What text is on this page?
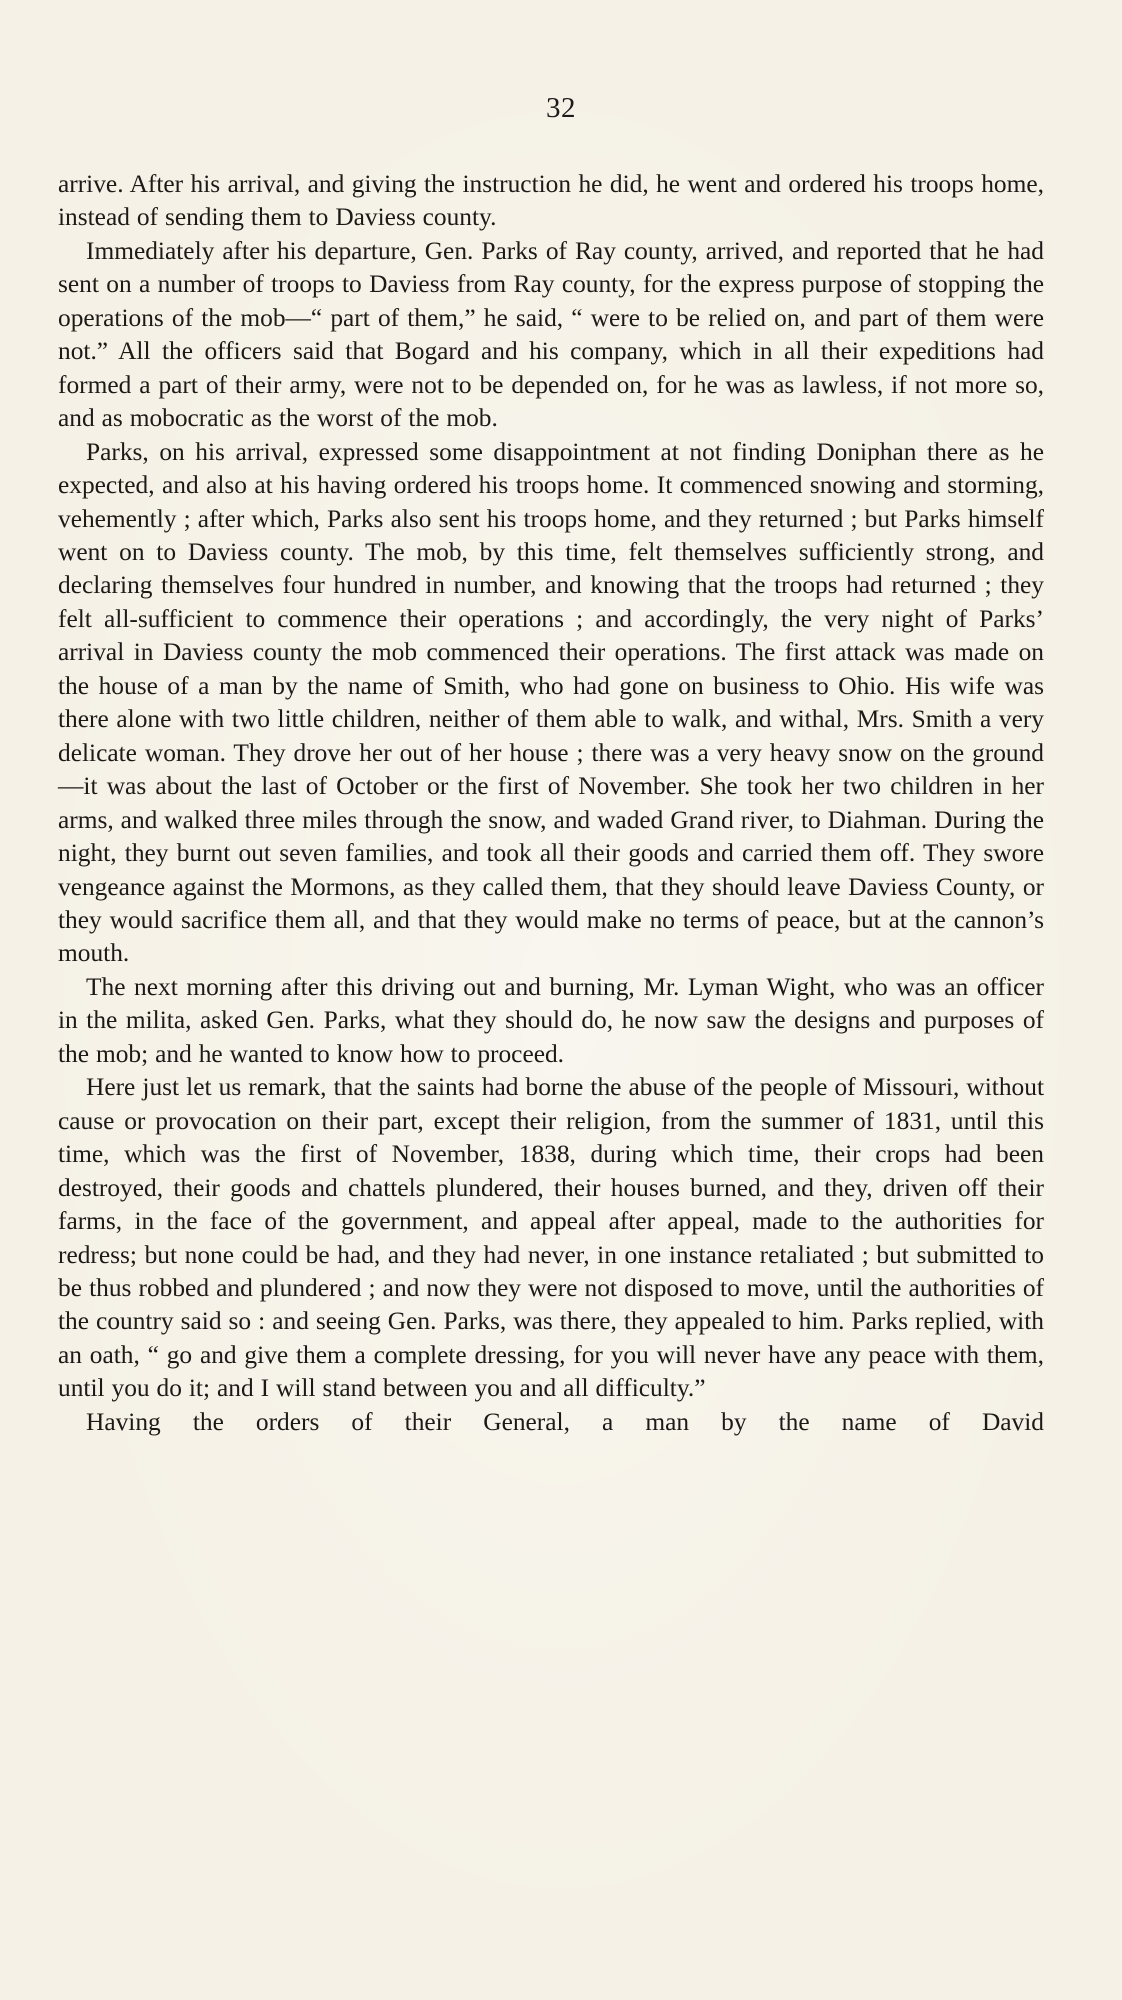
32

arrive. After his arrival, and giving the instruction he did, he went and ordered his troops home, instead of sending them to Daviess county.

Immediately after his departure, Gen. Parks of Ray county, arrived, and reported that he had sent on a number of troops to Daviess from Ray county, for the express purpose of stopping the operations of the mob—“ part of them,” he said, “ were to be relied on, and part of them were not.” All the officers said that Bogard and his company, which in all their expeditions had formed a part of their army, were not to be depended on, for he was as lawless, if not more so, and as mobocratic as the worst of the mob.

Parks, on his arrival, expressed some disappointment at not finding Doniphan there as he expected, and also at his having ordered his troops home. It commenced snowing and storming, vehemently ; after which, Parks also sent his troops home, and they returned ; but Parks himself went on to Daviess county. The mob, by this time, felt themselves sufficiently strong, and declaring themselves four hundred in number, and knowing that the troops had returned ; they felt all-sufficient to commence their operations ; and accordingly, the very night of Parks’ arrival in Daviess county the mob commenced their operations. The first attack was made on the house of a man by the name of Smith, who had gone on business to Ohio. His wife was there alone with two little children, neither of them able to walk, and withal, Mrs. Smith a very delicate woman. They drove her out of her house ; there was a very heavy snow on the ground—it was about the last of October or the first of November. She took her two children in her arms, and walked three miles through the snow, and waded Grand river, to Diahman. During the night, they burnt out seven families, and took all their goods and carried them off. They swore vengeance against the Mormons, as they called them, that they should leave Daviess County, or they would sacrifice them all, and that they would make no terms of peace, but at the cannon’s mouth.

The next morning after this driving out and burning, Mr. Lyman Wight, who was an officer in the milita, asked Gen. Parks, what they should do, he now saw the designs and purposes of the mob; and he wanted to know how to proceed.

Here just let us remark, that the saints had borne the abuse of the people of Missouri, without cause or provocation on their part, except their religion, from the summer of 1831, until this time, which was the first of November, 1838, during which time, their crops had been destroyed, their goods and chattels plundered, their houses burned, and they, driven off their farms, in the face of the government, and appeal after appeal, made to the authorities for redress; but none could be had, and they had never, in one instance retaliated ; but submitted to be thus robbed and plundered ; and now they were not disposed to move, until the authorities of the country said so : and seeing Gen. Parks, was there, they appealed to him. Parks replied, with an oath, “ go and give them a complete dressing, for you will never have any peace with them, until you do it; and I will stand between you and all difficulty.”

Having the orders of their General, a man by the name of David
